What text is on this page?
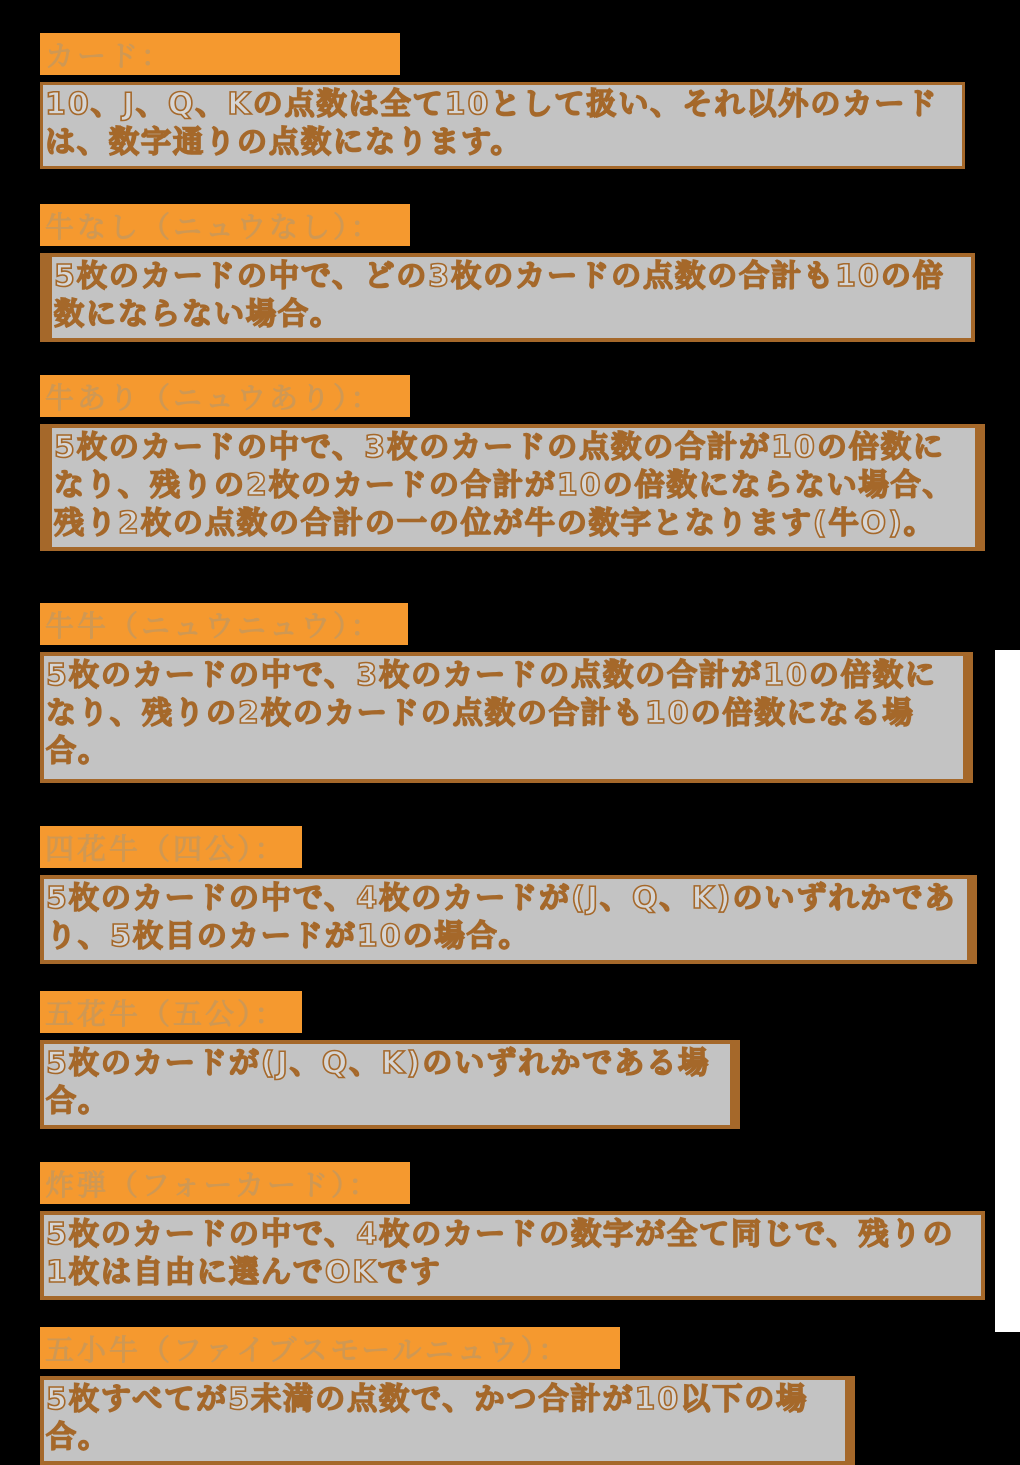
カード：

10、J、Q、Kの点数は全て10として扱い、それ以外のカードは、数字通りの点数になります。

牛なし（ニュウなし）：

5枚のカードの中で、どの3枚のカードの点数の合計も10の倍数にならない場合。

牛あり（ニュウあり）：

5枚のカードの中で、3枚のカードの点数の合計が10の倍数になり、残りの2枚のカードの合計が10の倍数にならない場合、残り2枚の点数の合計の一の位が牛の数字となります(牛O)。

牛牛（ニュウニュウ）：

5枚のカードの中で、3枚のカードの点数の合計が10の倍数になり、残りの2枚のカードの点数の合計も10の倍数になる場合。

四花牛（四公）：

5枚のカードの中で、4枚のカードが(J、Q、K)のいずれかであり、5枚目のカードが10の場合。

五花牛（五公）：

5枚のカードが(J、Q、K)のいずれかである場合。

炸弾（フォーカード）：

5枚のカードの中で、4枚のカードの数字が全て同じで、残りの1枚は自由に選んでOKです

五小牛（ファイブスモールニュウ）：

5枚すべてが5未満の点数で、かつ合計が10以下の場合。
